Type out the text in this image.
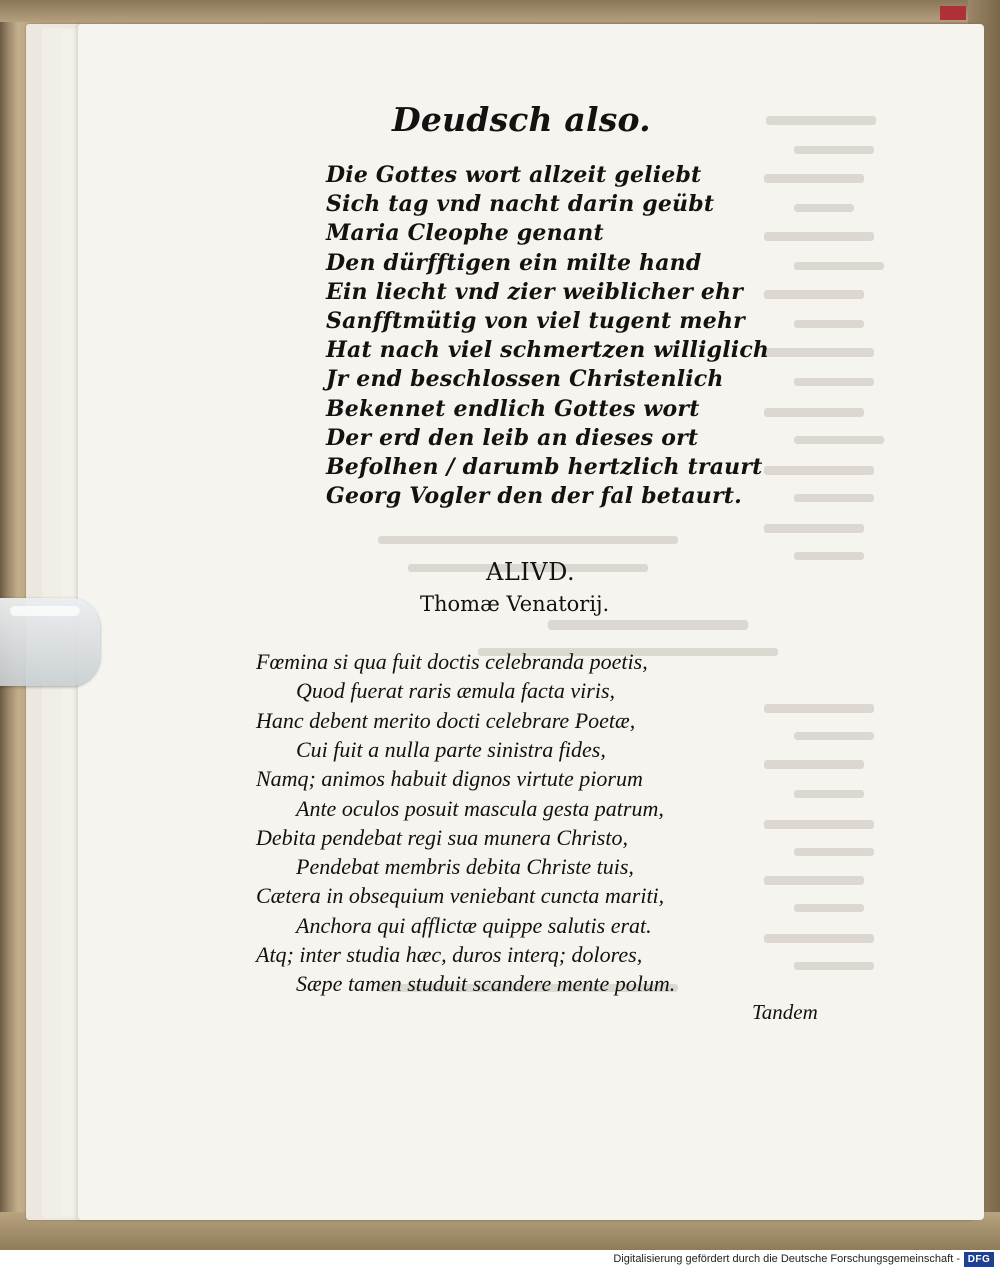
Deudsch also.
Die Gottes wort allzeit geliebt
Sich tag vnd nacht darin geübt
Maria Cleophe genant
Den dürfftigen ein milte hand
Ein liecht vnd zier weiblicher ehr
Sanfftmütig von viel tugent mehr
Hat nach viel schmertzen williglich
Jr end beschlossen Christenlich
Bekennet endlich Gottes wort
Der erd den leib an dieses ort
Befolhen / darumb hertzlich traurt
Georg Vogler den der fal betaurt.
ALIVD.
Thomæ Venatorij.
Fœmina si qua fuit doctis celebranda poetis,
Quod fuerat raris æmula facta viris,
Hanc debent merito docti celebrare Poetæ,
Cui fuit a nulla parte sinistra fides,
Namq; animos habuit dignos virtute piorum
Ante oculos posuit mascula gesta patrum,
Debita pendebat regi sua munera Christo,
Pendebat membris debita Christe tuis,
Cætera in obsequium veniebant cuncta mariti,
Anchora qui afflictæ quippe salutis erat.
Atq; inter studia hæc, duros interq; dolores,
Sæpe tamen studuit scandere mente polum.
Tandem
Digitalisierung gefördert durch die Deutsche Forschungsgemeinschaft - DFG
